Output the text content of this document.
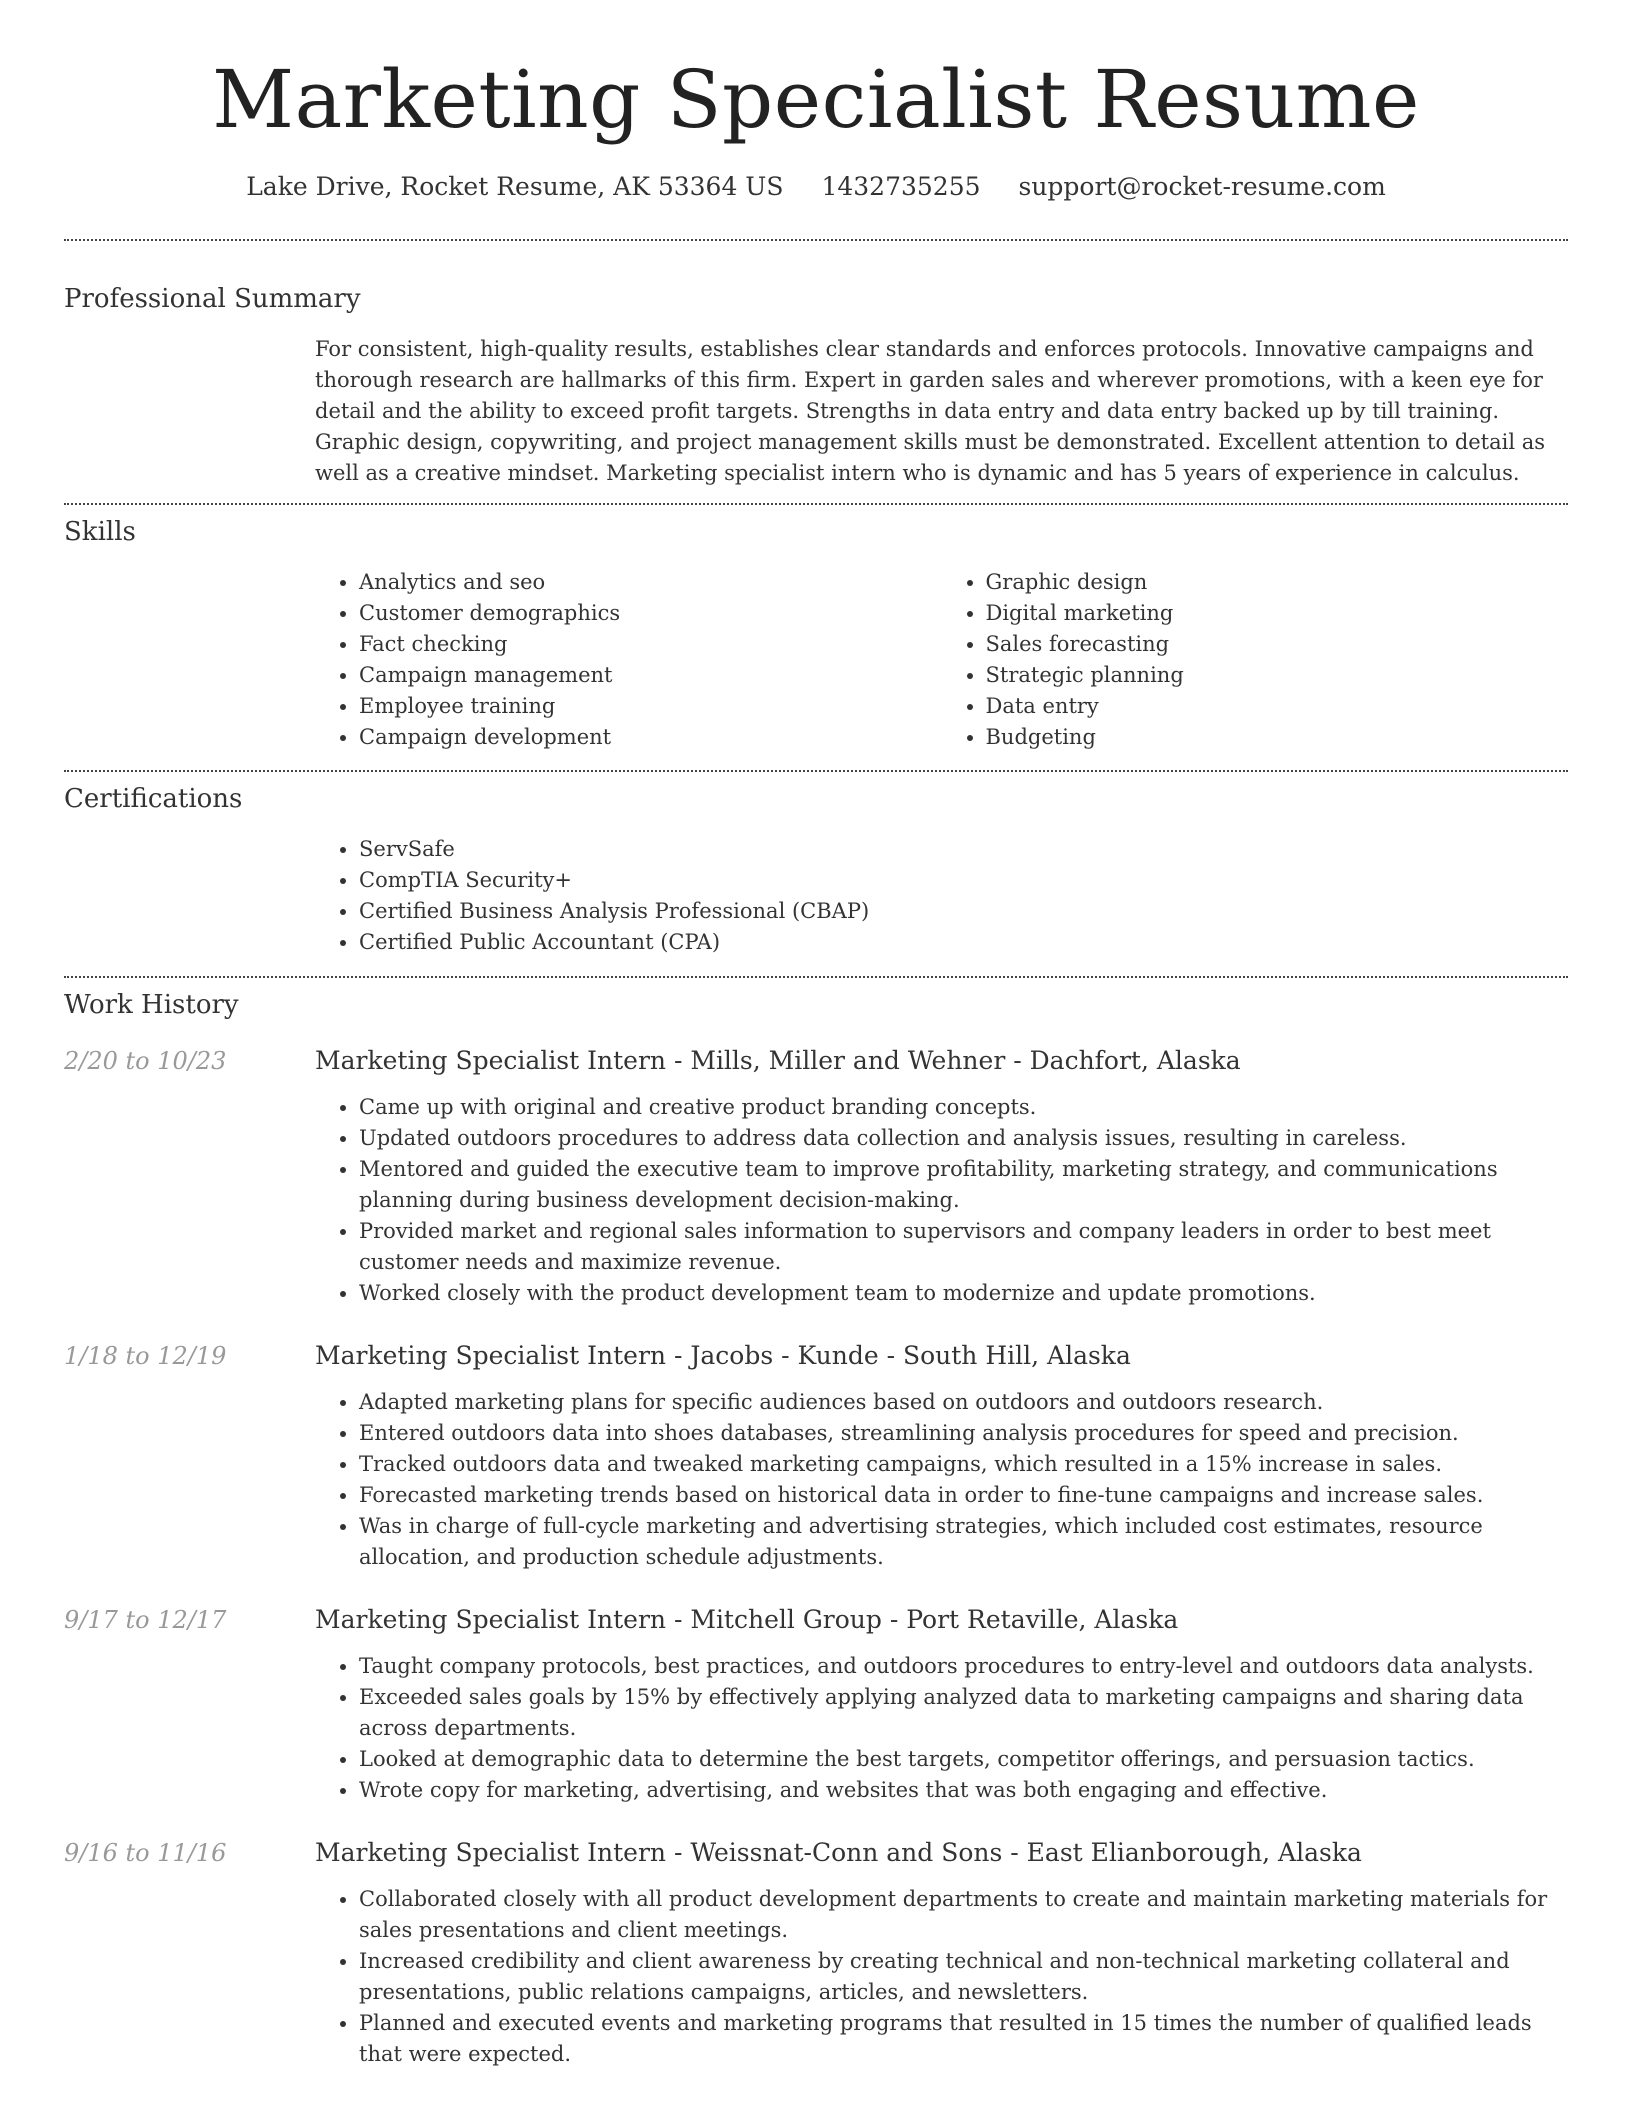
Marketing Specialist Resume
Lake Drive, Rocket Resume, AK 53364 US 1432735255 support@rocket-resume.com
Professional Summary

For consistent, high-quality results, establishes clear standards and enforces protocols. Innovative campaigns and thorough research are hallmarks of this firm. Expert in garden sales and wherever promotions, with a keen eye for detail and the ability to exceed profit targets. Strengths in data entry and data entry backed up by till training. Graphic design, copywriting, and project management skills must be demonstrated. Excellent attention to detail as well as a creative mindset. Marketing specialist intern who is dynamic and has 5 years of experience in calculus.

Skills
• Analytics and seo
• Customer demographics
• Fact checking
• Campaign management
• Employee training
• Campaign development
• Graphic design
• Digital marketing
• Sales forecasting
• Strategic planning
• Data entry
• Budgeting
Certifications
• ServSafe
• CompTIA Security+
• Certified Business Analysis Professional (CBAP)
• Certified Public Accountant (CPA)
Work History
2/20 to 10/23	Marketing Specialist Intern - Mills, Miller and Wehner - Dachfort, Alaska
• Came up with original and creative product branding concepts.
• Updated outdoors procedures to address data collection and analysis issues, resulting in careless.
• Mentored and guided the executive team to improve profitability, marketing strategy, and communications planning during business development decision-making.
• Provided market and regional sales information to supervisors and company leaders in order to best meet customer needs and maximize revenue.
• Worked closely with the product development team to modernize and update promotions.
1/18 to 12/19	Marketing Specialist Intern - Jacobs - Kunde - South Hill, Alaska
• Adapted marketing plans for specific audiences based on outdoors and outdoors research.
• Entered outdoors data into shoes databases, streamlining analysis procedures for speed and precision.
• Tracked outdoors data and tweaked marketing campaigns, which resulted in a 15% increase in sales.
• Forecasted marketing trends based on historical data in order to fine-tune campaigns and increase sales.
• Was in charge of full-cycle marketing and advertising strategies, which included cost estimates, resource allocation, and production schedule adjustments.
9/17 to 12/17	Marketing Specialist Intern - Mitchell Group - Port Retaville, Alaska
• Taught company protocols, best practices, and outdoors procedures to entry-level and outdoors data analysts.
• Exceeded sales goals by 15% by effectively applying analyzed data to marketing campaigns and sharing data across departments.
• Looked at demographic data to determine the best targets, competitor offerings, and persuasion tactics.
• Wrote copy for marketing, advertising, and websites that was both engaging and effective.
9/16 to 11/16	Marketing Specialist Intern - Weissnat-Conn and Sons - East Elianborough, Alaska
• Collaborated closely with all product development departments to create and maintain marketing materials for sales presentations and client meetings.
• Increased credibility and client awareness by creating technical and non-technical marketing collateral and presentations, public relations campaigns, articles, and newsletters.
• Planned and executed events and marketing programs that resulted in 15 times the number of qualified leads that were expected.
